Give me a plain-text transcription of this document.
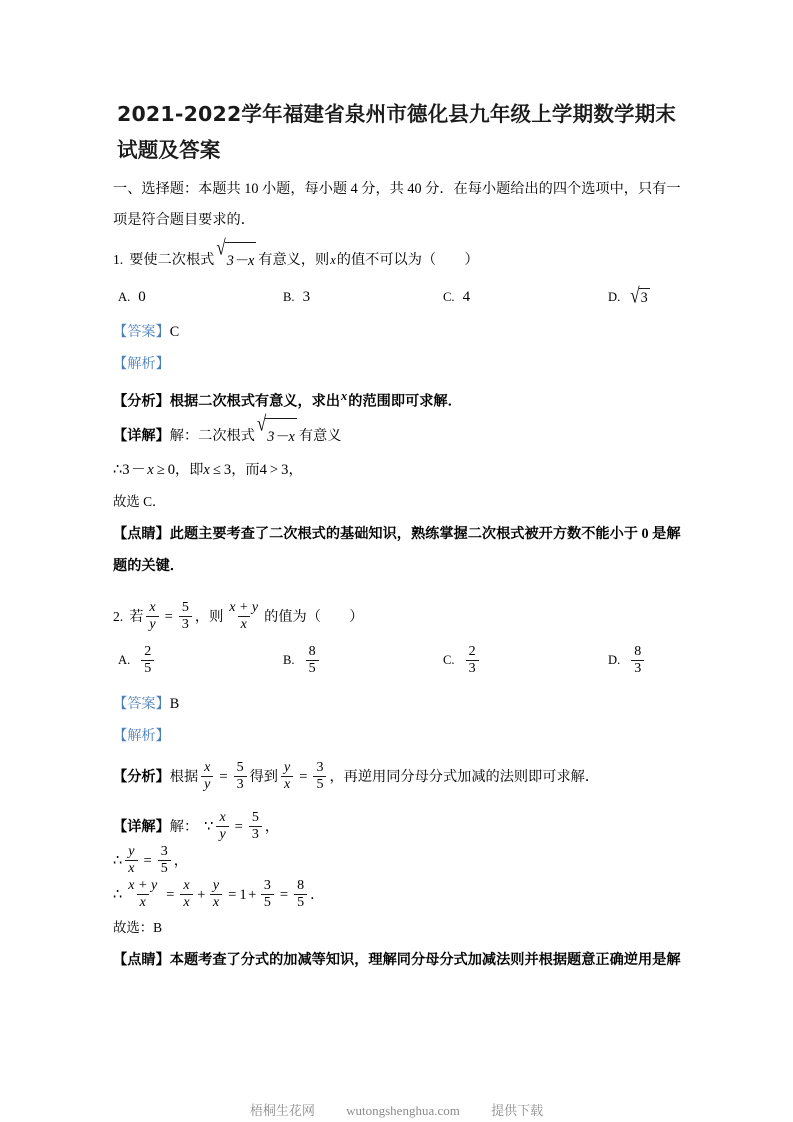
2021-2022学年福建省泉州市德化县九年级上学期数学期末试题及答案

一、选择题：本题共 10 小题，每小题 4 分，共 40 分．在每小题给出的四个选项中，只有一项是符合题目要求的．

1. 要使二次根式
√
3－x 有意义，则 x 的值不可以为（　　）
A. 0	B. 3	C. 4	D. √ 3

【答案】C

【解析】

【分析】根据二次根式有意义，求出x的范围即可求解．

【详解】 解：二次根式
√
3－x 有意义
∴ 3 － x ≥ 0 ， 即 x ≤ 3 ， 而 4 > 3 ，

故选 C．

【点睛】此题主要考查了二次根式的基础知识，熟练掌握二次根式被开方数不能小于 0 是解题的关键．

2. 若 $\frac{x}{y} = \frac{5}{3}$ ， 则 $\frac{x + y}{x}$ 的值为（　　）
A. $\frac{2}{5}$	B. $\frac{8}{5}$	C. $\frac{2}{3}$	D. $\frac{8}{3}$

【答案】B

【解析】

【分析】 根据 $\frac{x}{y} = \frac{5}{3}$ 得到 $\frac{y}{x} = \frac{3}{5}$ ，再逆用同分母分式加减的法则即可求解．
【详解】 解： ∵ $\frac{x}{y} = \frac{5}{3}$ ，
∴ $\frac{y}{x} = \frac{3}{5}$ ，
∴ $\frac{x + y}{x} = \frac{x}{x} + \frac{y}{x} = 1 + \frac{3}{5} = \frac{8}{5}$ ．

故选：B

【点睛】本题考查了分式的加减等知识，理解同分母分式加减法则并根据题意正确逆用是解

梧桐生花网 wutongshenghua.com 提供下载
